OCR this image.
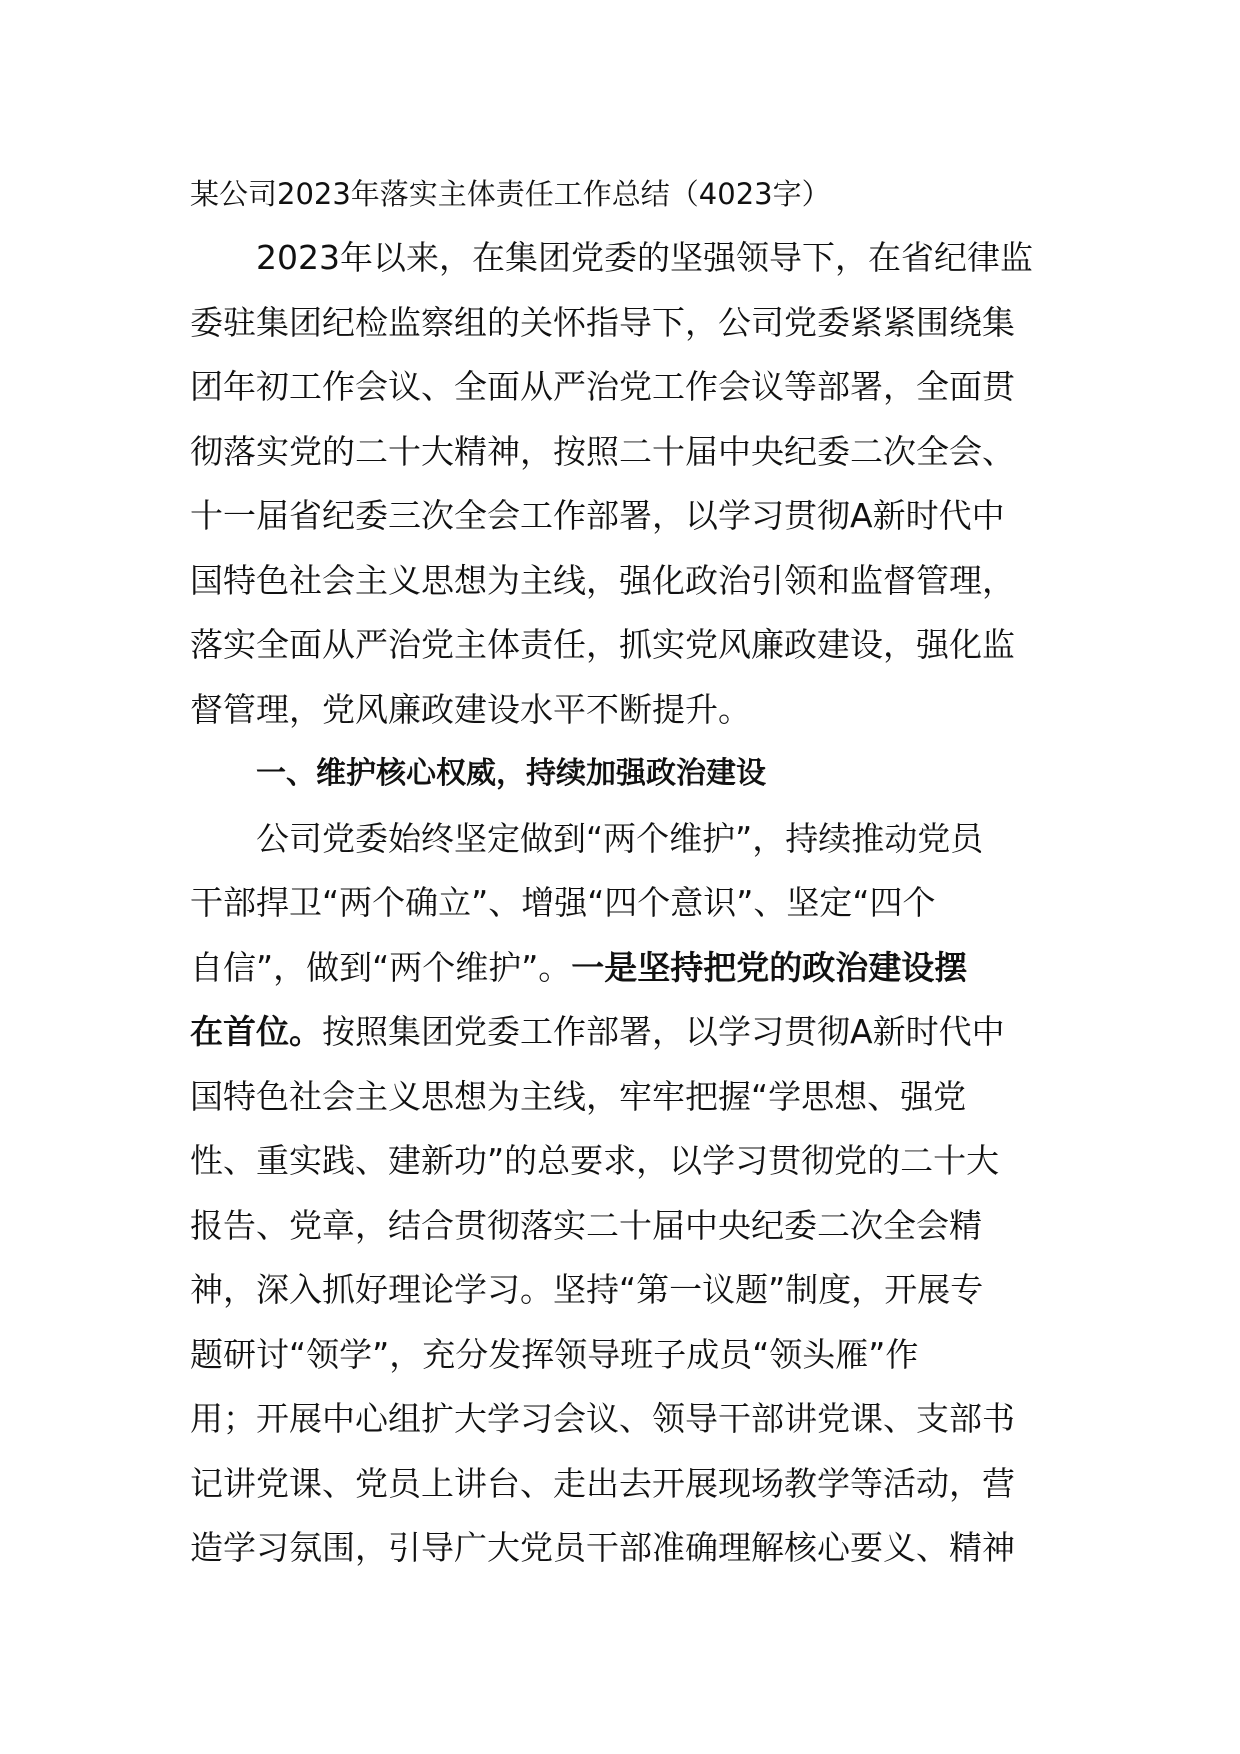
某公司2023年落实主体责任工作总结（4023字）

2023年以来，在集团党委的坚强领导下，在省纪律监

委驻集团纪检监察组的关怀指导下，公司党委紧紧围绕集

团年初工作会议、全面从严治党工作会议等部署，全面贯

彻落实党的二十大精神，按照二十届中央纪委二次全会、

十一届省纪委三次全会工作部署，以学习贯彻A新时代中

国特色社会主义思想为主线，强化政治引领和监督管理，

落实全面从严治党主体责任，抓实党风廉政建设，强化监

督管理，党风廉政建设水平不断提升。

一、维护核心权威，持续加强政治建设

公司党委始终坚定做到“两个维护”，持续推动党员

干部捍卫“两个确立”、增强“四个意识”、坚定“四个

自信”，做到“两个维护”。一是坚持把党的政治建设摆

在首位。按照集团党委工作部署，以学习贯彻A新时代中

国特色社会主义思想为主线，牢牢把握“学思想、强党

性、重实践、建新功”的总要求，以学习贯彻党的二十大

报告、党章，结合贯彻落实二十届中央纪委二次全会精

神，深入抓好理论学习。坚持“第一议题”制度，开展专

题研讨“领学”，充分发挥领导班子成员“领头雁”作

用；开展中心组扩大学习会议、领导干部讲党课、支部书

记讲党课、党员上讲台、走出去开展现场教学等活动，营

造学习氛围，引导广大党员干部准确理解核心要义、精神
